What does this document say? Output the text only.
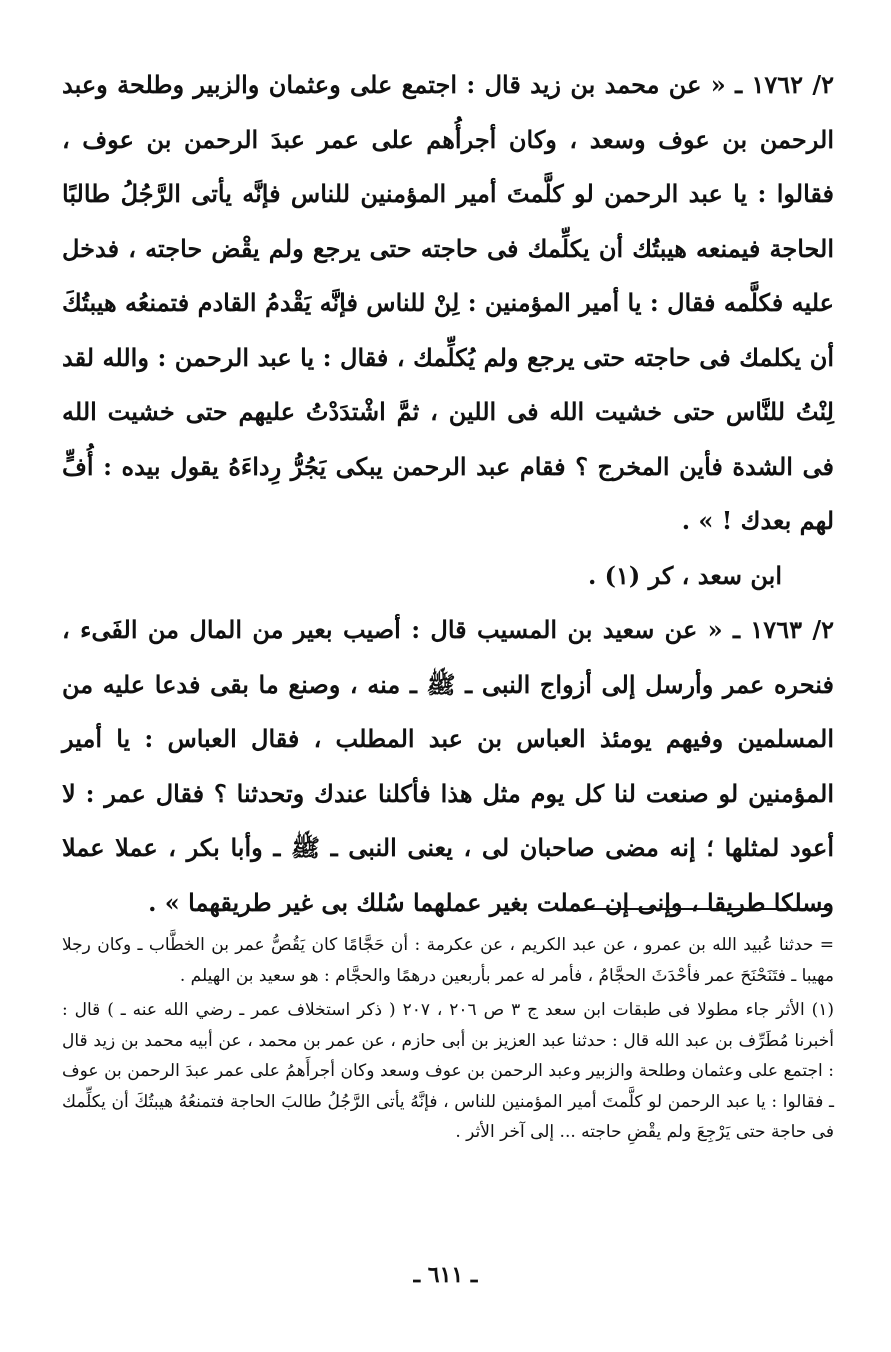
٢/ ١٧٦٢ ـ « عن محمد بن زيد قال : اجتمع على وعثمان والزبير وطلحة وعبد الرحمن بن عوف وسعد ، وكان أجرأُهم على عمر عبدَ الرحمن بن عوف ، فقالوا : يا عبد الرحمن لو كلَّمتَ أمير المؤمنين للناس فإنَّه يأتى الرَّجُلُ طالبًا الحاجة فيمنعه هيبتُك أن يكلِّمك فى حاجته حتى يرجع ولم يقْض حاجته ، فدخل عليه فكلَّمه فقال : يا أمير المؤمنين : لِنْ للناس فإنَّه يَقْدمُ القادم فتمنعُه هيبتُكَ أن يكلمك فى حاجته حتى يرجع ولم يُكلِّمك ، فقال : يا عبد الرحمن : والله لقد لِنْتُ للنَّاس حتى خشيت الله فى اللين ، ثمَّ اشْتدَدْتُ عليهم حتى خشيت الله فى الشدة فأين المخرج ؟ فقام عبد الرحمن يبكى يَجُرُّ رِداءَهُ يقول بيده : أُفٍّ لهم بعدك ! » .

ابن سعد ، كر (١) .

٢/ ١٧٦٣ ـ « عن سعيد بن المسيب قال : أصيب بعير من المال من الفَىء ، فنحره عمر وأرسل إلى أزواج النبى ـ ﷺ ـ منه ، وصنع ما بقى فدعا عليه من المسلمين وفيهم يومئذ العباس بن عبد المطلب ، فقال العباس : يا أمير المؤمنين لو صنعت لنا كل يوم مثل هذا فأكلنا عندك وتحدثنا ؟ فقال عمر : لا أعود لمثلها ؛ إنه مضى صاحبان لى ، يعنى النبى ـ ﷺ ـ وأبا بكر ، عملا عملا وسلكا طريقا ، وإنى إن عملت بغير عملهما سُلك بى غير طريقهما » .

= حدثنا عُبيد الله بن عمرو ، عن عبد الكريم ، عن عكرمة : أن حَجَّامًا كان يَقُصُّ عمر بن الخطَّاب ـ وكان رجلا مهيبا ـ فتَنَحْنَحَ عمر فأحْدَثَ الحجَّامُ ، فأمر له عمر بأربعين درهمًا والحجَّام : هو سعيد بن الهيلم .

(١) الأثر جاء مطولا فى طبقات ابن سعد ج ٣ ص ٢٠٦ ، ٢٠٧ ( ذكر استخلاف عمر ـ رضي الله عنه ـ ) قال : أخبرنا مُطَرِّف بن عبد الله قال : حدثنا عبد العزيز بن أبى حازم ، عن عمر بن محمد ، عن أبيه محمد بن زيد قال : اجتمع على وعثمان وطلحة والزبير وعبد الرحمن بن عوف وسعد وكان أجرأَهمُ على عمر عبدَ الرحمن بن عوف ـ فقالوا : يا عبد الرحمن لو كلَّمتَ أمير المؤمنين للناس ، فإنَّهُ يأتى الرَّجُلُ طالبَ الحاجة فتمنعُهُ هيبتُكَ أن يكلِّمك فى حاجة حتى يَرْجِعَ ولم يقْضِ حاجته ... إلى آخر الأثر .

ـ ٦١١ ـ
